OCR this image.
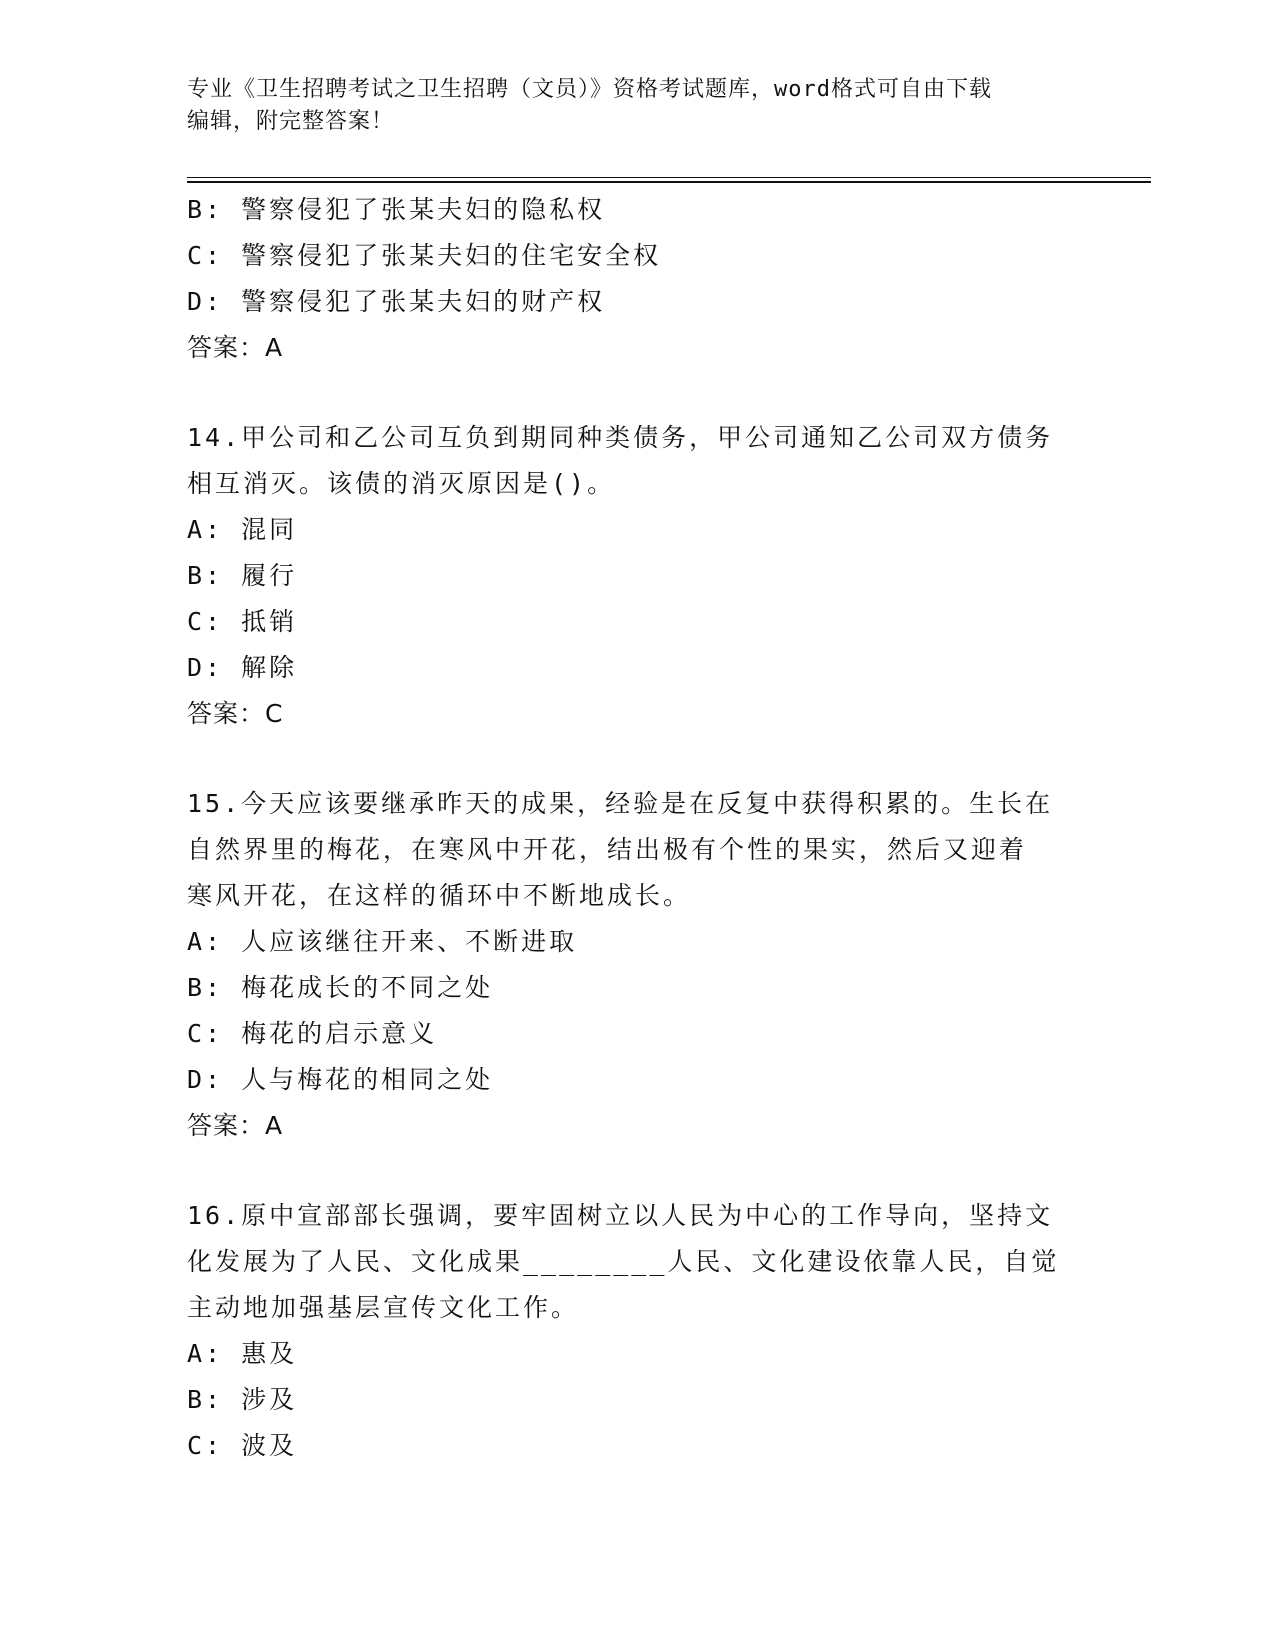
专业《卫生招聘考试之卫生招聘（文员）》资格考试题库，word格式可自由下载
编辑，附完整答案！
B: 警察侵犯了张某夫妇的隐私权
C: 警察侵犯了张某夫妇的住宅安全权
D: 警察侵犯了张某夫妇的财产权
答案：A
14.甲公司和乙公司互负到期同种类债务，甲公司通知乙公司双方债务
相互消灭。该债的消灭原因是()。
A: 混同
B: 履行
C: 抵销
D: 解除
答案：C
15.今天应该要继承昨天的成果，经验是在反复中获得积累的。生长在
自然界里的梅花，在寒风中开花，结出极有个性的果实，然后又迎着
寒风开花，在这样的循环中不断地成长。
A: 人应该继往开来、不断进取
B: 梅花成长的不同之处
C: 梅花的启示意义
D: 人与梅花的相同之处
答案：A
16.原中宣部部长强调，要牢固树立以人民为中心的工作导向，坚持文
化发展为了人民、文化成果________人民、文化建设依靠人民，自觉
主动地加强基层宣传文化工作。
A: 惠及
B: 涉及
C: 波及
